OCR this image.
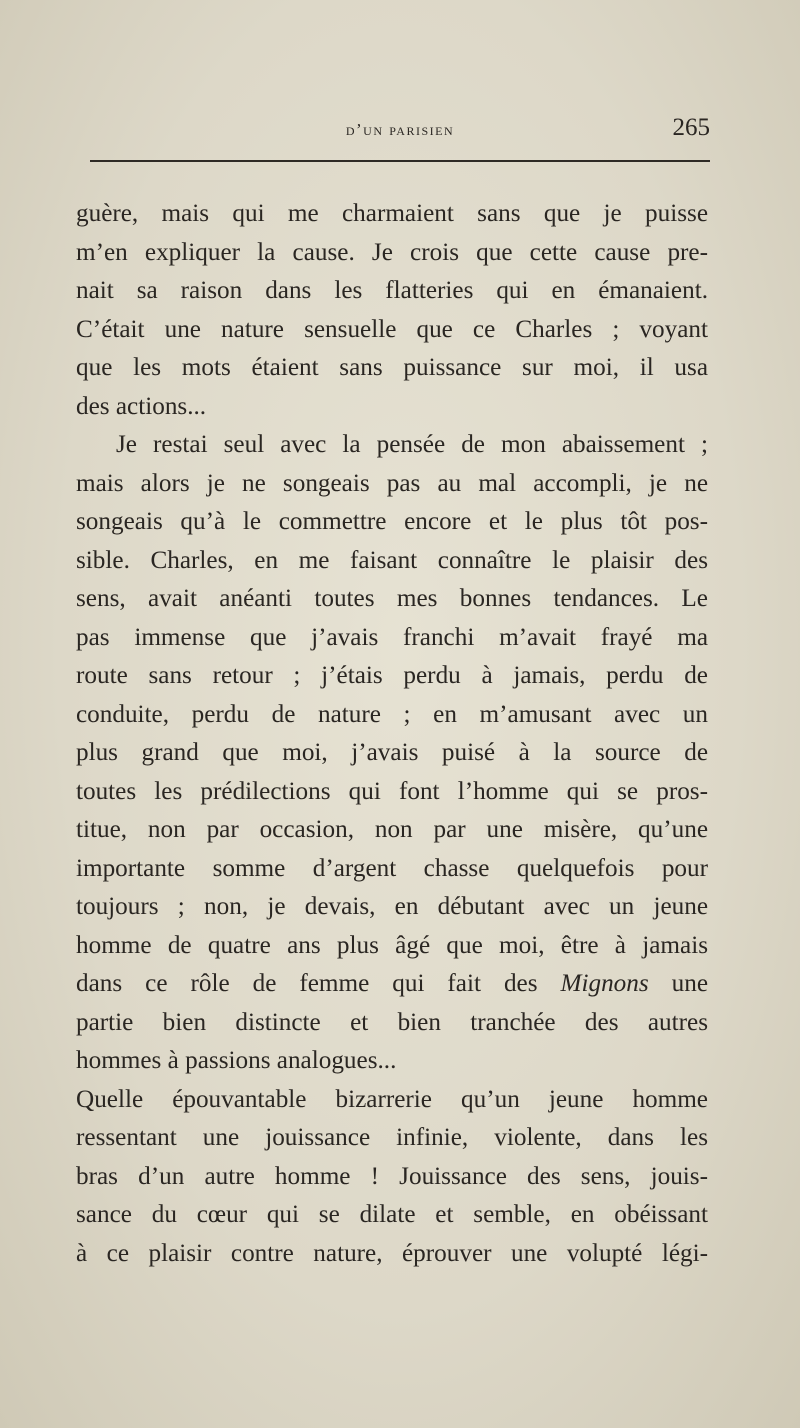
d’un parisien	265
guère, mais qui me charmaient sans que je puisse
m’en expliquer la cause. Je crois que cette cause pre-
nait sa raison dans les flatteries qui en émanaient.
C’était une nature sensuelle que ce Charles ; voyant
que les mots étaient sans puissance sur moi, il usa
des actions...
Je restai seul avec la pensée de mon abaissement ;
mais alors je ne songeais pas au mal accompli, je ne
songeais qu’à le commettre encore et le plus tôt pos-
sible. Charles, en me faisant connaître le plaisir des
sens, avait anéanti toutes mes bonnes tendances. Le
pas immense que j’avais franchi m’avait frayé ma
route sans retour ; j’étais perdu à jamais, perdu de
conduite, perdu de nature ; en m’amusant avec un
plus grand que moi, j’avais puisé à la source de
toutes les prédilections qui font l’homme qui se pros-
titue, non par occasion, non par une misère, qu’une
importante somme d’argent chasse quelquefois pour
toujours ; non, je devais, en débutant avec un jeune
homme de quatre ans plus âgé que moi, être à jamais
dans ce rôle de femme qui fait des Mignons une
partie bien distincte et bien tranchée des autres
hommes à passions analogues...
Quelle épouvantable bizarrerie qu’un jeune homme
ressentant une jouissance infinie, violente, dans les
bras d’un autre homme ! Jouissance des sens, jouis-
sance du cœur qui se dilate et semble, en obéissant
à ce plaisir contre nature, éprouver une volupté légi-
